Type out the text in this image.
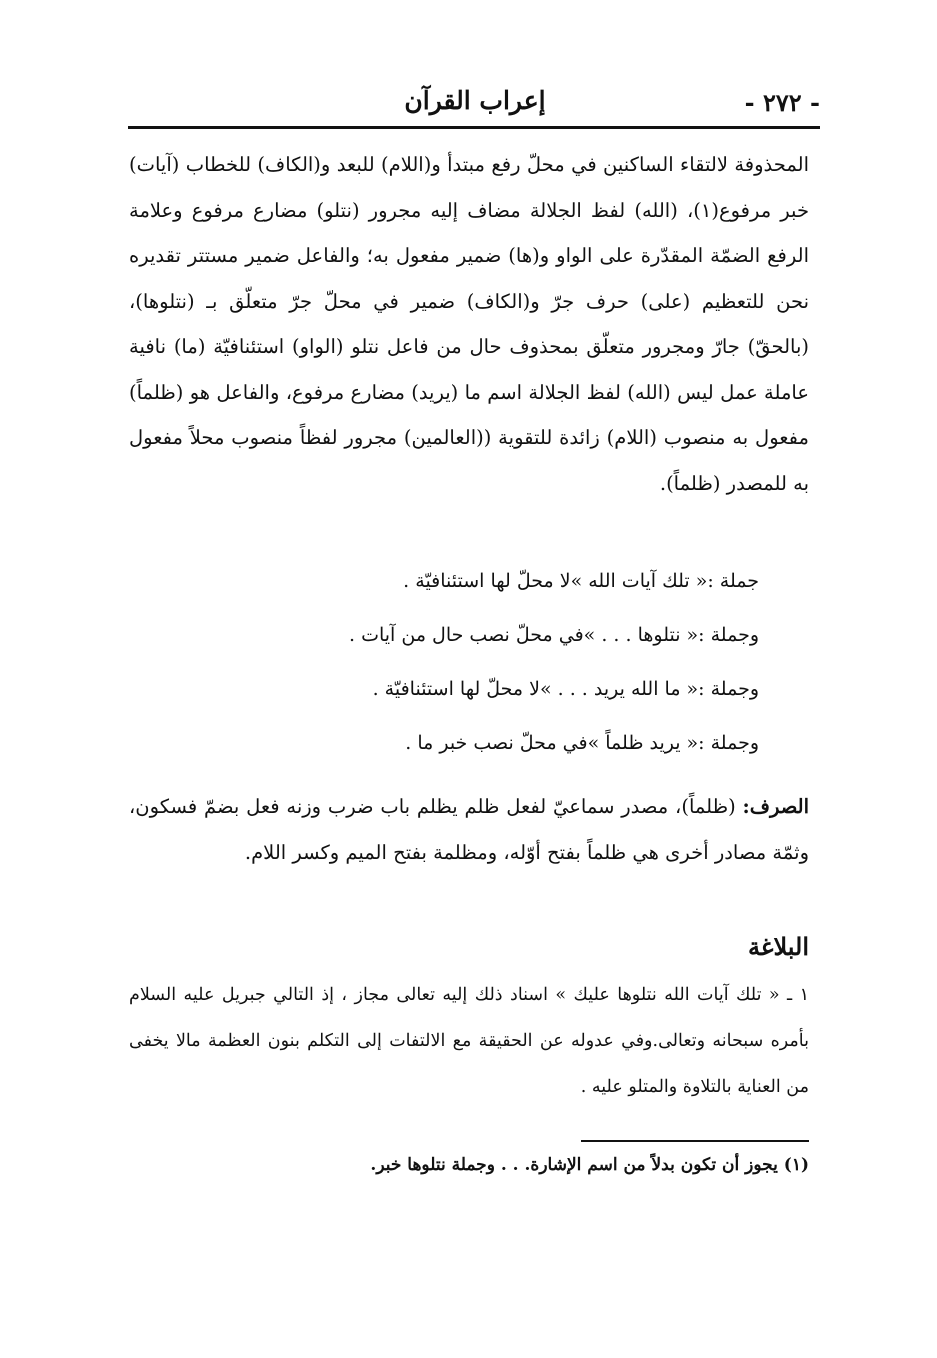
- ٢٧٢ -
إعراب القرآن

المحذوفة لالتقاء الساكنين في محلّ رفع مبتدأ و(اللام) للبعد و(الكاف) للخطاب (آيات) خبر مرفوع(١)، (الله) لفظ الجلالة مضاف إليه مجرور (نتلو) مضارع مرفوع وعلامة الرفع الضمّة المقدّرة على الواو و(ها) ضمير مفعول به؛ والفاعل ضمير مستتر تقديره نحن للتعظيم (على) حرف جرّ و(الكاف) ضمير في محلّ جرّ متعلّق بـ (نتلوها)، (بالحقّ) جارّ ومجرور متعلّق بمحذوف حال من فاعل نتلو (الواو) استئنافيّة (ما) نافية عاملة عمل ليس (الله) لفظ الجلالة اسم ما (يريد) مضارع مرفوع، والفاعل هو (ظلماً) مفعول به منصوب (اللام) زائدة للتقوية ((العالمين) مجرور لفظاً منصوب محلاً مفعول به للمصدر (ظلماً).

جملة :« تلك آيات الله »لا محلّ لها استئنافيّة .
وجملة :« نتلوها . . . »في محلّ نصب حال من آيات .
وجملة :« ما الله يريد . . . »لا محلّ لها استئنافيّة .
وجملة :« يريد ظلماً »في محلّ نصب خبر ما .
الصرف: (ظلماً)، مصدر سماعيّ لفعل ظلم يظلم باب ضرب وزنه فعل بضمّ فسكون، وثمّة مصادر أخرى هي ظلماً بفتح أوّله، ومظلمة بفتح الميم وكسر اللام.
البلاغة
١ ـ « تلك آيات الله نتلوها عليك » اسناد ذلك إليه تعالى مجاز ، إذ التالي جبريل عليه السلام بأمره سبحانه وتعالى.وفي عدوله عن الحقيقة مع الالتفات إلى التكلم بنون العظمة مالا يخفى من العناية بالتلاوة والمتلو عليه .
(١) يجوز أن تكون بدلاً من اسم الإشارة. . . وجملة نتلوها خبر.
